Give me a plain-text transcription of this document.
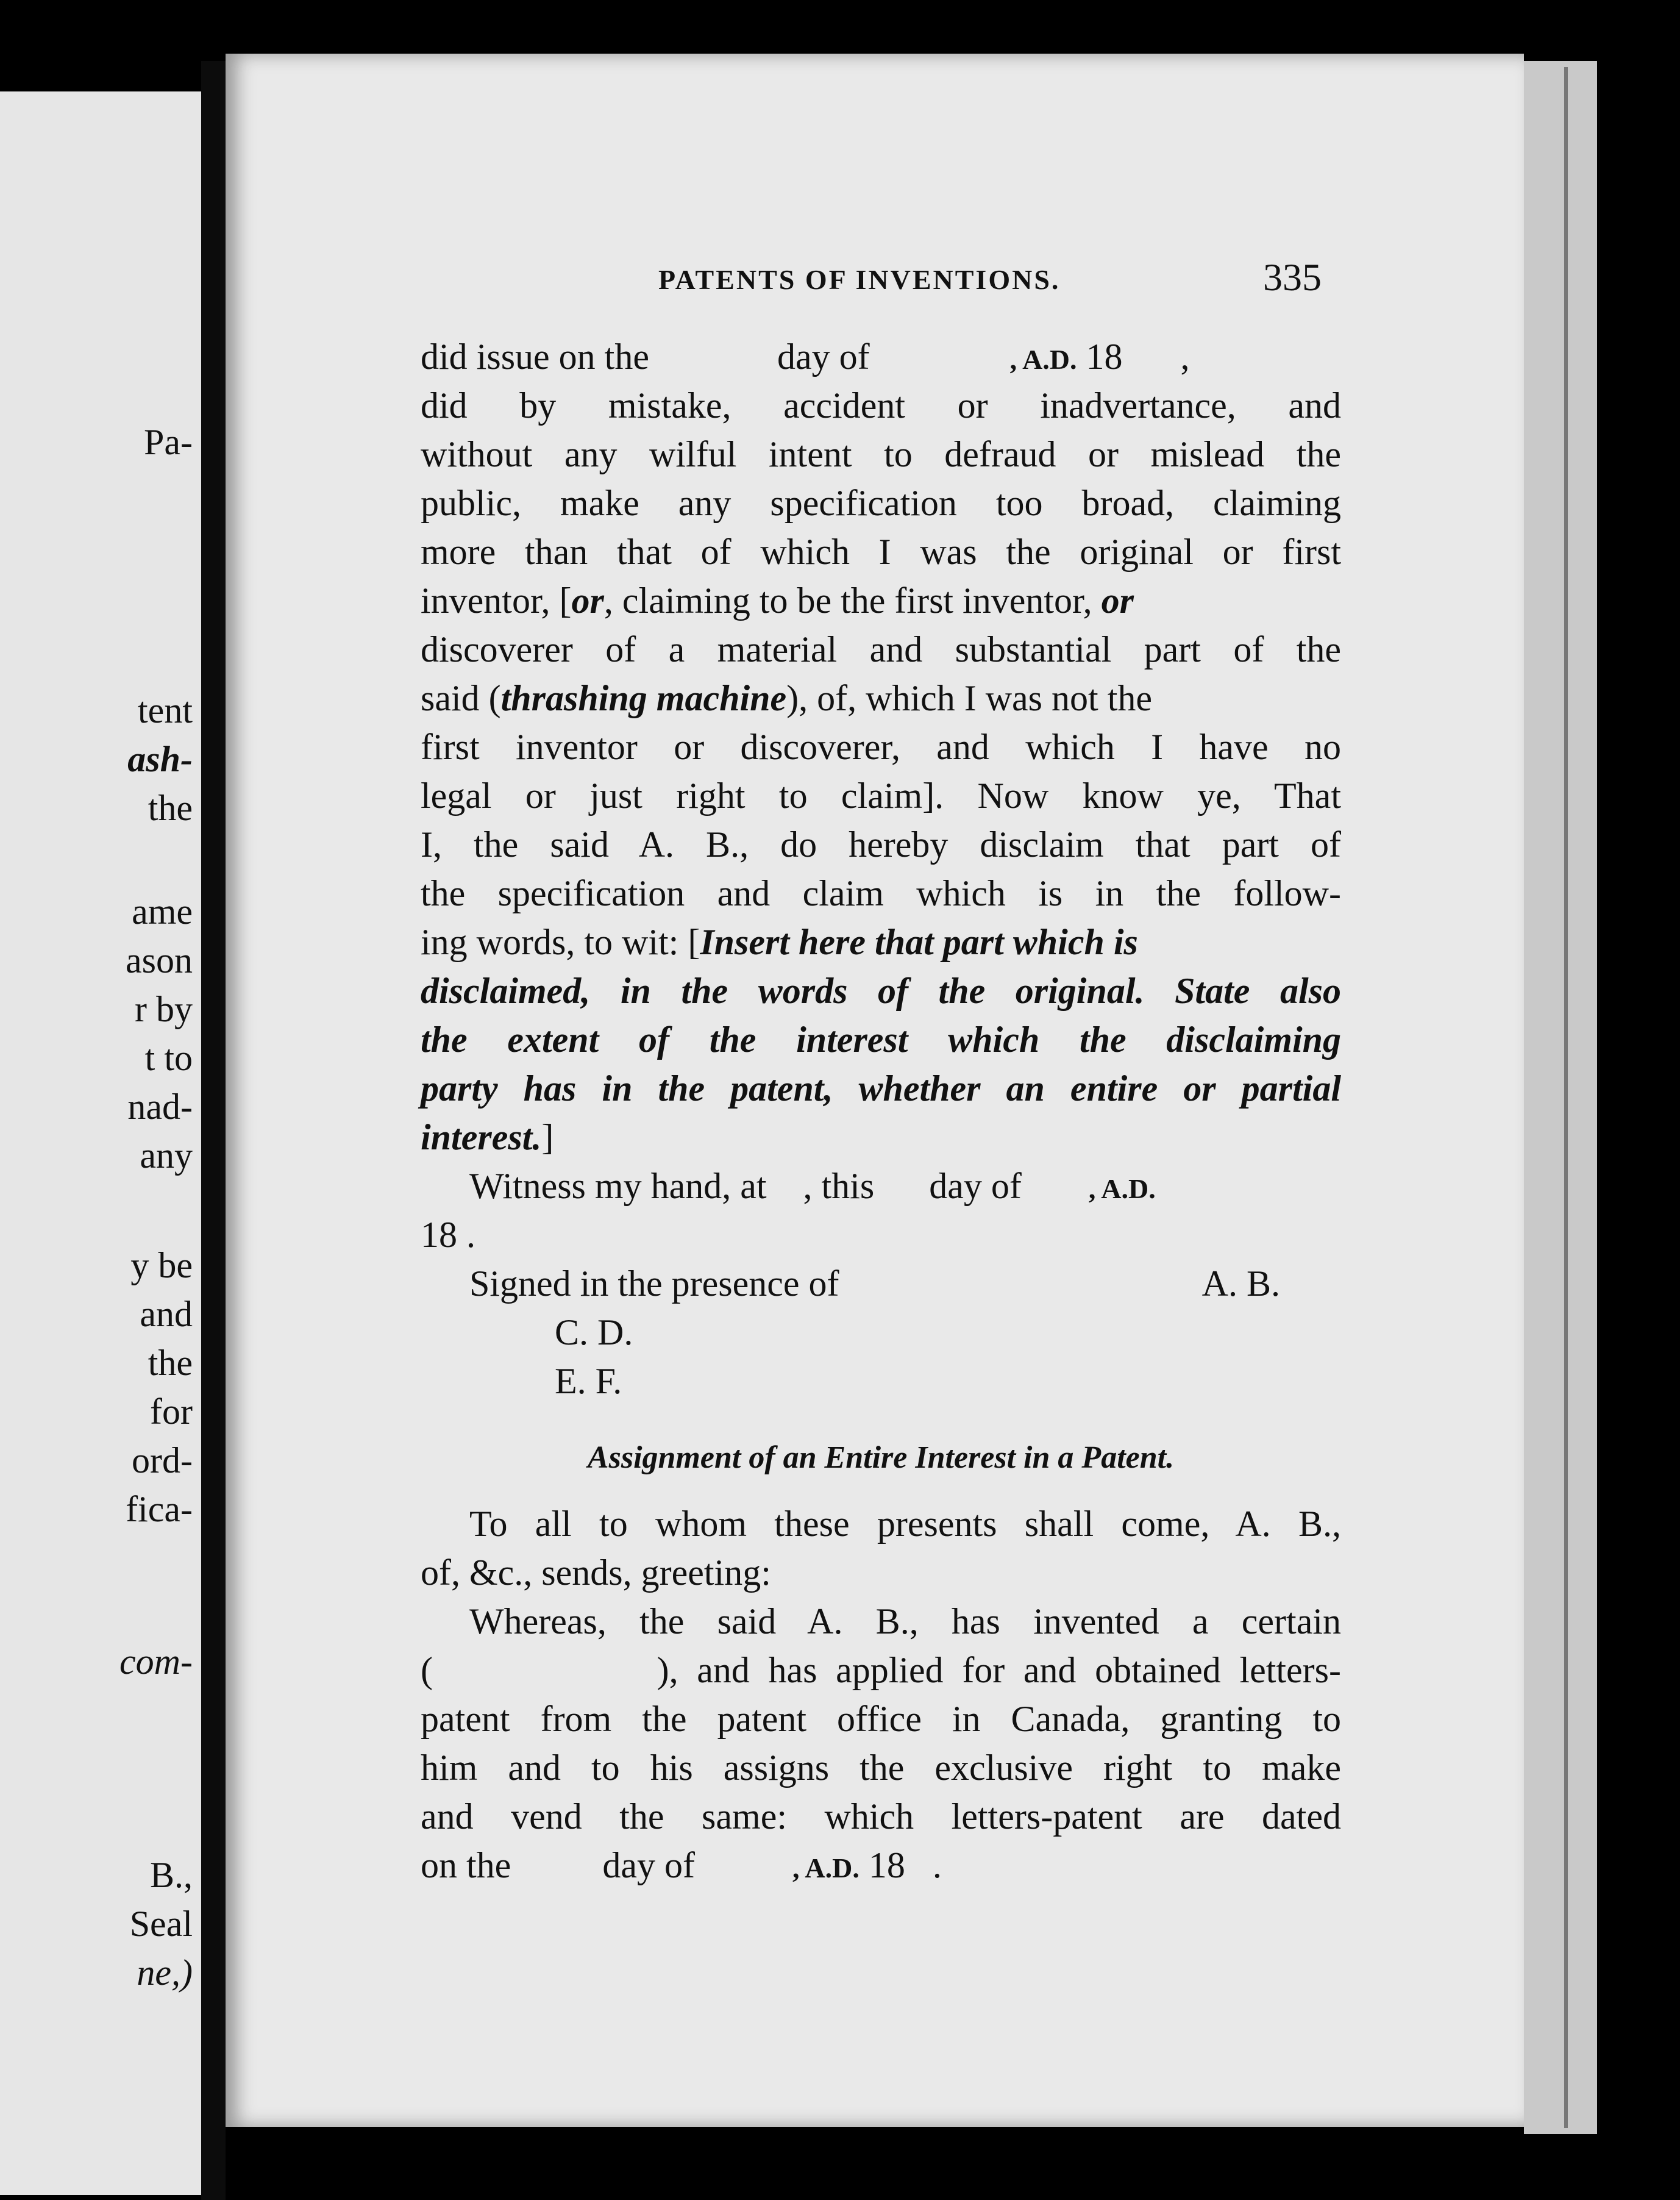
Pa-

tent

ash-

the

ame

ason

r by

t to

nad-

any

y be

and

the

for

ord-

fica-

com-

B.,

Seal

ne,)

PATENTS OF INVENTIONS.	335

did issue on the	day of	, A.D. 18 ,

did by mistake, accident or inadvertance, and

without any wilful intent to defraud or mislead the

public, make any specification too broad, claiming

more than that of which I was the original or first

inventor, [or, claiming to be the first inventor, or

discoverer of a material and substantial part of the

said (thrashing machine), of, which I was not the

first inventor or discoverer, and which I have no

legal or just right to claim]. Now know ye, That

I, the said A. B., do hereby disclaim that part of

the specification and claim which is in the follow-

ing words, to wit: [Insert here that part which is

disclaimed, in the words of the original. State also

the extent of the interest which the disclaiming

party has in the patent, whether an entire or partial

interest.]

Witness my hand, at , this day of , A.D.

18 .

Signed in the presence of	A. B.

C. D.

E. F.

Assignment of an Entire Interest in a Patent.

To all to whom these presents shall come, A. B.,

of, &c., sends, greeting:

Whereas, the said A. B., has invented a certain

(            ), and has applied for and obtained letters-

patent from the patent office in Canada, granting to

him and to his assigns the exclusive right to make

and vend the same: which letters-patent are dated

on the	day of	, A.D. 18   .
